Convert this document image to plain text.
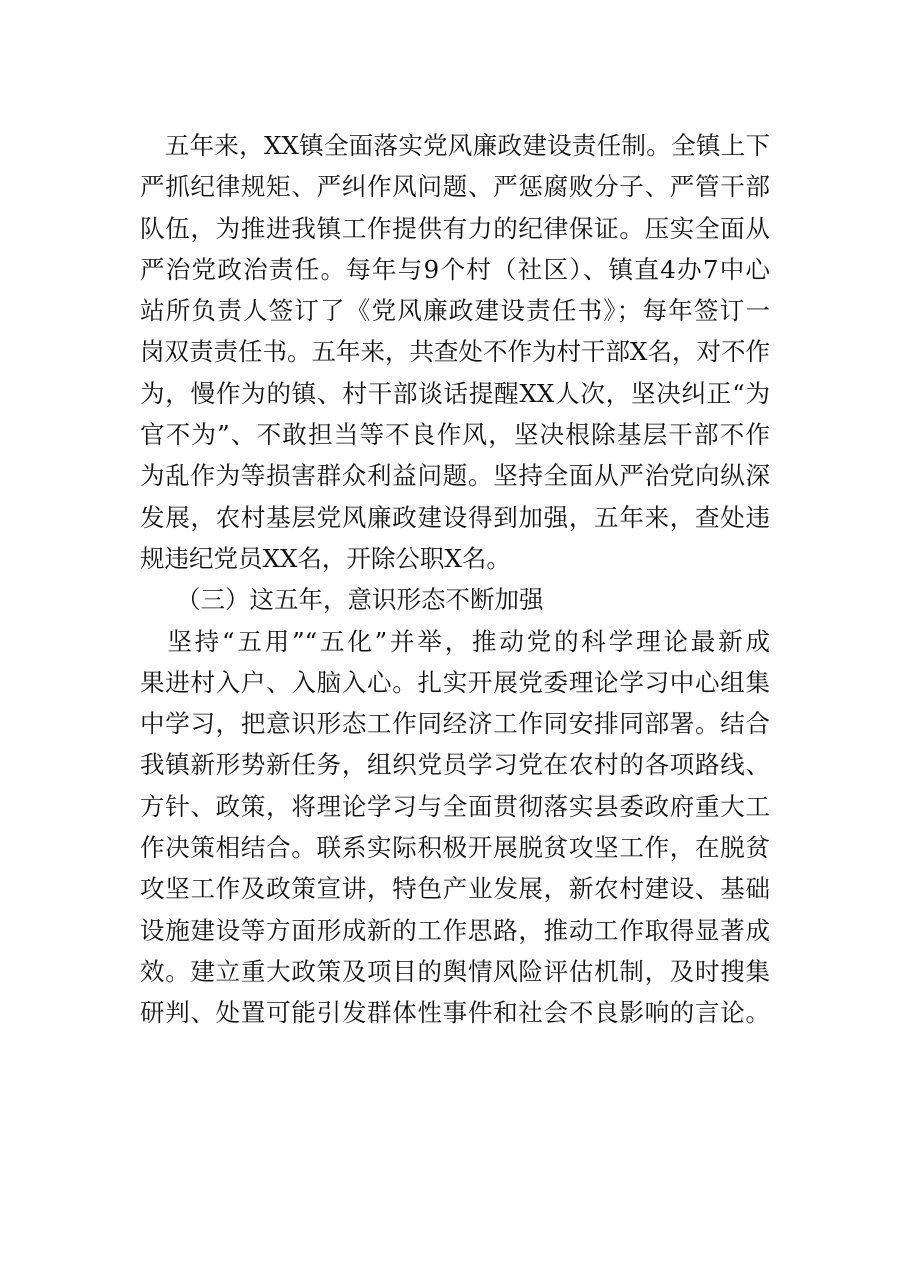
　五年来，XX镇全面落实党风廉政建设责任制。全镇上下
严抓纪律规矩、严纠作风问题、严惩腐败分子、严管干部
队伍，为推进我镇工作提供有力的纪律保证。压实全面从
严治党政治责任。每年与9个村（社区）、镇直4办7中心
站所负责人签订了《党风廉政建设责任书》；每年签订一
岗双责责任书。五年来，共查处不作为村干部X名，对不作
为，慢作为的镇、村干部谈话提醒XX人次，坚决纠正“为
官不为”、不敢担当等不良作风，坚决根除基层干部不作
为乱作为等损害群众利益问题。坚持全面从严治党向纵深
发展，农村基层党风廉政建设得到加强，五年来，查处违
规违纪党员XX名，开除公职X名。
（三）这五年，意识形态不断加强
　坚持“五用”“五化”并举，推动党的科学理论最新成
果进村入户、入脑入心。扎实开展党委理论学习中心组集
中学习，把意识形态工作同经济工作同安排同部署。结合
我镇新形势新任务，组织党员学习党在农村的各项路线、
方针、政策，将理论学习与全面贯彻落实县委政府重大工
作决策相结合。联系实际积极开展脱贫攻坚工作，在脱贫
攻坚工作及政策宣讲，特色产业发展，新农村建设、基础
设施建设等方面形成新的工作思路，推动工作取得显著成
效。建立重大政策及项目的舆情风险评估机制，及时搜集
研判、处置可能引发群体性事件和社会不良影响的言论。
